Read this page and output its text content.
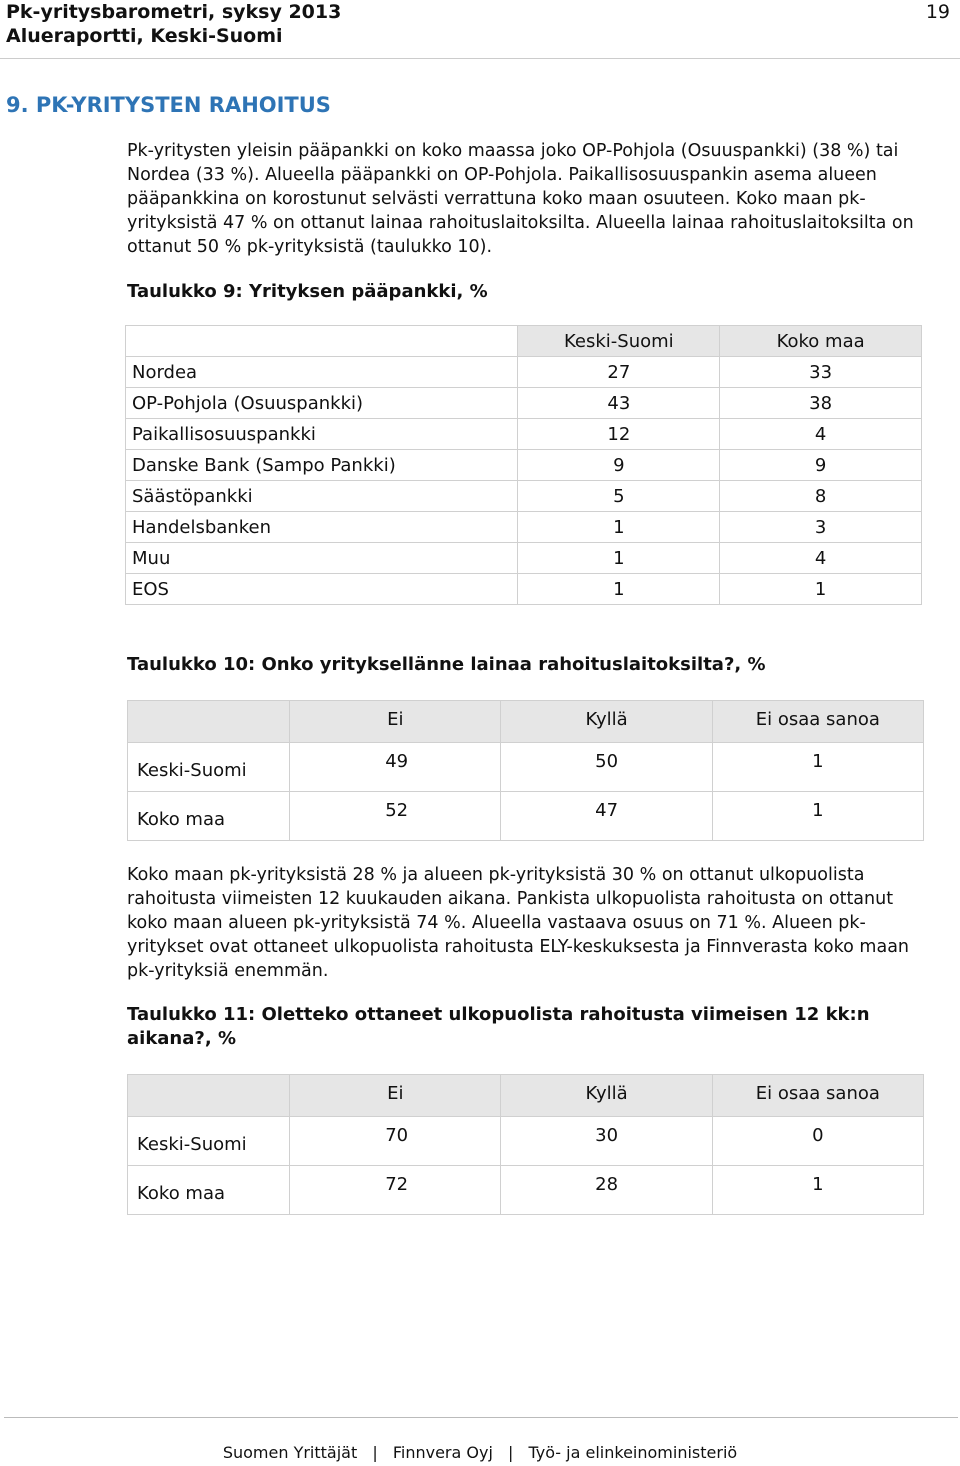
Pk-yritysbarometri, syksy 2013
Alueraportti, Keski-Suomi
19
9. PK-YRITYSTEN RAHOITUS

Pk-yritysten yleisin pääpankki on koko maassa joko OP-Pohjola (Osuuspankki) (38 %) tai Nordea (33 %). Alueella pääpankki on OP-Pohjola. Paikallisosuuspankin asema alueen pääpankkina on korostunut selvästi verrattuna koko maan osuuteen. Koko maan pk-yrityksistä 47 % on ottanut lainaa rahoituslaitoksilta. Alueella lainaa rahoituslaitoksilta on ottanut 50 % pk-yrityksistä (taulukko 10).

Taulukko 9: Yrityksen pääpankki, %

	Keski-Suomi	Koko maa
Nordea	27	33
OP-Pohjola (Osuuspankki)	43	38
Paikallisosuuspankki	12	4
Danske Bank (Sampo Pankki)	9	9
Säästöpankki	5	8
Handelsbanken	1	3
Muu	1	4
EOS	1	1

Taulukko 10: Onko yrityksellänne lainaa rahoituslaitoksilta?, %

	Ei	Kyllä	Ei osaa sanoa
Keski-Suomi	49	50	1
Koko maa	52	47	1

Koko maan pk-yrityksistä 28 % ja alueen pk-yrityksistä 30 % on ottanut ulkopuolista rahoitusta viimeisten 12 kuukauden aikana. Pankista ulkopuolista rahoitusta on ottanut koko maan alueen pk-yrityksistä 74 %. Alueella vastaava osuus on 71 %. Alueen pk-yritykset ovat ottaneet ulkopuolista rahoitusta ELY-keskuksesta ja Finnverasta koko maan pk-yrityksiä enemmän.

Taulukko 11: Oletteko ottaneet ulkopuolista rahoitusta viimeisen 12 kk:n aikana?, %

	Ei	Kyllä	Ei osaa sanoa
Keski-Suomi	70	30	0
Koko maa	72	28	1
Suomen Yrittäjät | Finnvera Oyj | Työ- ja elinkeinoministeriö
